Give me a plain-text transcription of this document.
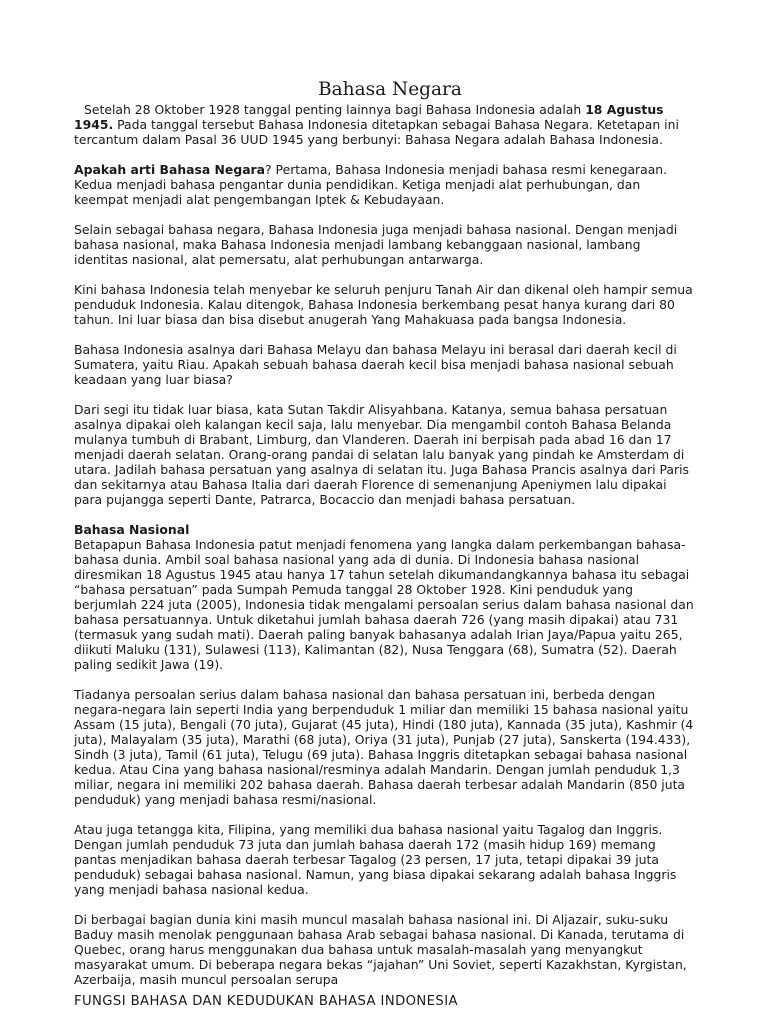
Bahasa Negara

Setelah 28 Oktober 1928 tanggal penting lainnya bagi Bahasa Indonesia adalah 18 Agustus 1945. Pada tanggal tersebut Bahasa Indonesia ditetapkan sebagai Bahasa Negara. Ketetapan ini tercantum dalam Pasal 36 UUD 1945 yang berbunyi: Bahasa Negara adalah Bahasa Indonesia.

Apakah arti Bahasa Negara? Pertama, Bahasa Indonesia menjadi bahasa resmi kenegaraan. Kedua menjadi bahasa pengantar dunia pendidikan. Ketiga menjadi alat perhubungan, dan keempat menjadi alat pengembangan Iptek & Kebudayaan.

Selain sebagai bahasa negara, Bahasa Indonesia juga menjadi bahasa nasional. Dengan menjadi bahasa nasional, maka Bahasa Indonesia menjadi lambang kebanggaan nasional, lambang identitas nasional, alat pemersatu, alat perhubungan antarwarga.

Kini bahasa Indonesia telah menyebar ke seluruh penjuru Tanah Air dan dikenal oleh hampir semua penduduk Indonesia. Kalau ditengok, Bahasa Indonesia berkembang pesat hanya kurang dari 80 tahun. Ini luar biasa dan bisa disebut anugerah Yang Mahakuasa pada bangsa Indonesia.

Bahasa Indonesia asalnya dari Bahasa Melayu dan bahasa Melayu ini berasal dari daerah kecil di Sumatera, yaitu Riau. Apakah sebuah bahasa daerah kecil bisa menjadi bahasa nasional sebuah keadaan yang luar biasa?

Dari segi itu tidak luar biasa, kata Sutan Takdir Alisyahbana. Katanya, semua bahasa persatuan asalnya dipakai oleh kalangan kecil saja, lalu menyebar. Dia mengambil contoh Bahasa Belanda mulanya tumbuh di Brabant, Limburg, dan Vlanderen. Daerah ini berpisah pada abad 16 dan 17 menjadi daerah selatan. Orang-orang pandai di selatan lalu banyak yang pindah ke Amsterdam di utara. Jadilah bahasa persatuan yang asalnya di selatan itu. Juga Bahasa Prancis asalnya dari Paris dan sekitarnya atau Bahasa Italia dari daerah Florence di semenanjung Apeniymen lalu dipakai para pujangga seperti Dante, Patrarca, Bocaccio dan menjadi bahasa persatuan.

Bahasa Nasional
Betapapun Bahasa Indonesia patut menjadi fenomena yang langka dalam perkembangan bahasa-bahasa dunia. Ambil soal bahasa nasional yang ada di dunia. Di Indonesia bahasa nasional diresmikan 18 Agustus 1945 atau hanya 17 tahun setelah dikumandangkannya bahasa itu sebagai “bahasa persatuan” pada Sumpah Pemuda tanggal 28 Oktober 1928. Kini penduduk yang berjumlah 224 juta (2005), Indonesia tidak mengalami persoalan serius dalam bahasa nasional dan bahasa persatuannya. Untuk diketahui jumlah bahasa daerah 726 (yang masih dipakai) atau 731 (termasuk yang sudah mati). Daerah paling banyak bahasanya adalah Irian Jaya/Papua yaitu 265, diikuti Maluku (131), Sulawesi (113), Kalimantan (82), Nusa Tenggara (68), Sumatra (52). Daerah paling sedikit Jawa (19).

Tiadanya persoalan serius dalam bahasa nasional dan bahasa persatuan ini, berbeda dengan negara-negara lain seperti India yang berpenduduk 1 miliar dan memiliki 15 bahasa nasional yaitu Assam (15 juta), Bengali (70 juta), Gujarat (45 juta), Hindi (180 juta), Kannada (35 juta), Kashmir (4 juta), Malayalam (35 juta), Marathi (68 juta), Oriya (31 juta), Punjab (27 juta), Sanskerta (194.433), Sindh (3 juta), Tamil (61 juta), Telugu (69 juta). Bahasa Inggris ditetapkan sebagai bahasa nasional kedua. Atau Cina yang bahasa nasional/resminya adalah Mandarin. Dengan jumlah penduduk 1,3 miliar, negara ini memiliki 202 bahasa daerah. Bahasa daerah terbesar adalah Mandarin (850 juta penduduk) yang menjadi bahasa resmi/nasional.

Atau juga tetangga kita, Filipina, yang memiliki dua bahasa nasional yaitu Tagalog dan Inggris. Dengan jumlah penduduk 73 juta dan jumlah bahasa daerah 172 (masih hidup 169) memang pantas menjadikan bahasa daerah terbesar Tagalog (23 persen, 17 juta, tetapi dipakai 39 juta penduduk) sebagai bahasa nasional. Namun, yang biasa dipakai sekarang adalah bahasa Inggris yang menjadi bahasa nasional kedua.

Di berbagai bagian dunia kini masih muncul masalah bahasa nasional ini. Di Aljazair, suku-suku Baduy masih menolak penggunaan bahasa Arab sebagai bahasa nasional. Di Kanada, terutama di Quebec, orang harus menggunakan dua bahasa untuk masalah-masalah yang menyangkut masyarakat umum. Di beberapa negara bekas “jajahan” Uni Soviet, seperti Kazakhstan, Kyrgistan, Azerbaija, masih muncul persoalan serupa

FUNGSI BAHASA DAN KEDUDUKAN BAHASA INDONESIA
